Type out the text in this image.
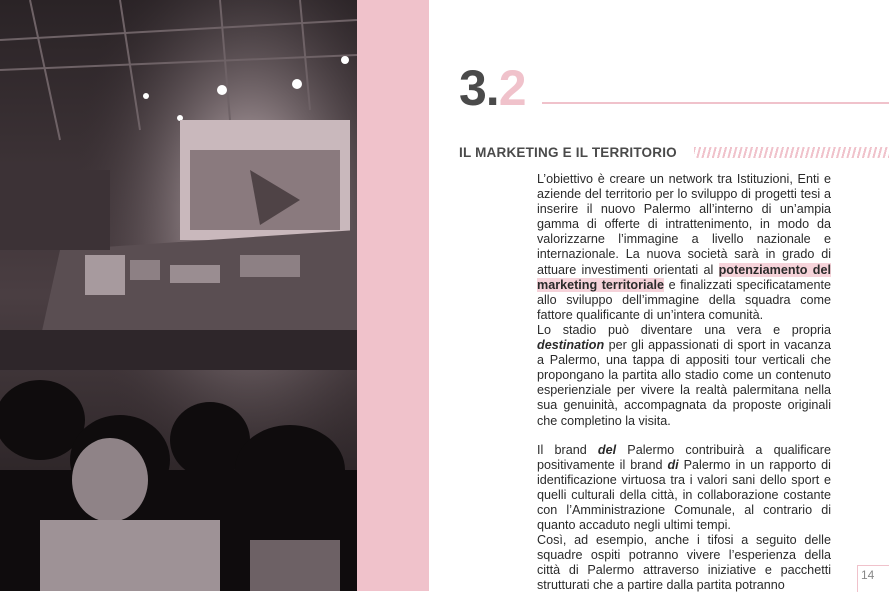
3.2
IL MARKETING E IL TERRITORIO

L’obiettivo è creare un network tra Istituzioni, Enti e aziende del territorio per lo sviluppo di progetti tesi a inserire il nuovo Palermo all’interno di un’ampia gamma di offerte di intrattenimento, in modo da valorizzarne l’immagine a livello nazionale e internazionale. La nuova società sarà in grado di attuare investimenti orientati al potenziamento del marketing territoriale e finalizzati specificatamente allo sviluppo dell’immagine della squadra come fattore qualificante di un’intera comunità.

Lo stadio può diventare una vera e propria destination per gli appassionati di sport in vacanza a Palermo, una tappa di appositi tour verticali che propongano la partita allo stadio come un contenuto esperienziale per vivere la realtà palermitana nella sua genuinità, accompagnata da proposte originali che completino la visita.

Il brand del Palermo contribuirà a qualificare positivamente il brand di Palermo in un rapporto di identificazione virtuosa tra i valori sani dello sport e quelli culturali della città, in collaborazione costante con l’Amministrazione Comunale, al contrario di quanto accaduto negli ultimi tempi.

Così, ad esempio, anche i tifosi a seguito delle squadre ospiti potranno vivere l’esperienza della città di Palermo attraverso iniziative e pacchetti strutturati che a partire dalla partita potranno

14
